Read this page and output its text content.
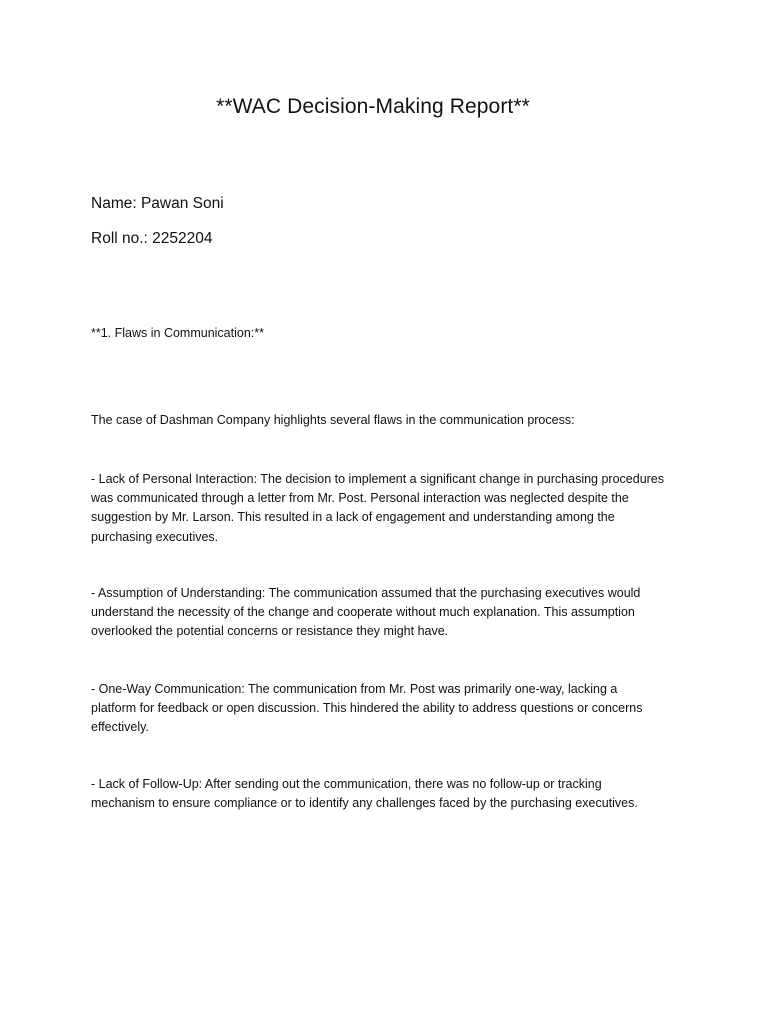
**WAC Decision-Making Report**
Name: Pawan Soni
Roll no.: 2252204
**1. Flaws in Communication:**

The case of Dashman Company highlights several flaws in the communication process:

- Lack of Personal Interaction: The decision to implement a significant change in purchasing procedures
was communicated through a letter from Mr. Post. Personal interaction was neglected despite the
suggestion by Mr. Larson. This resulted in a lack of engagement and understanding among the
purchasing executives.

- Assumption of Understanding: The communication assumed that the purchasing executives would
understand the necessity of the change and cooperate without much explanation. This assumption
overlooked the potential concerns or resistance they might have.

- One-Way Communication: The communication from Mr. Post was primarily one-way, lacking a
platform for feedback or open discussion. This hindered the ability to address questions or concerns
effectively.

- Lack of Follow-Up: After sending out the communication, there was no follow-up or tracking
mechanism to ensure compliance or to identify any challenges faced by the purchasing executives.
